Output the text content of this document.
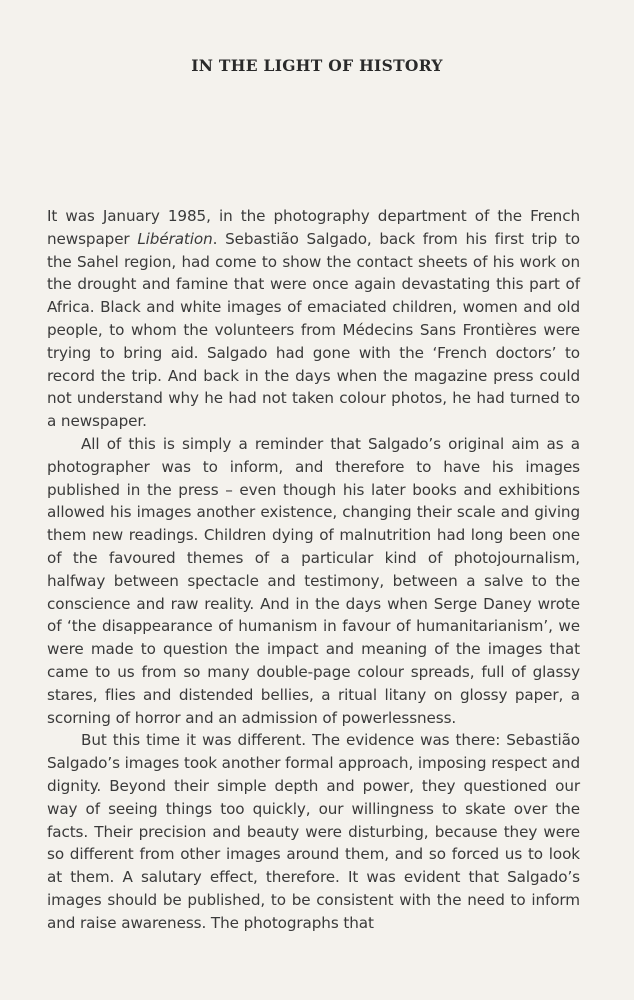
IN THE LIGHT OF HISTORY

It was January 1985, in the photography department of the French newspaper Libération. Sebastião Salgado, back from his first trip to the Sahel region, had come to show the contact sheets of his work on the drought and famine that were once again devastating this part of Africa. Black and white images of emaciated children, women and old people, to whom the volunteers from Médecins Sans Frontières were trying to bring aid. Salgado had gone with the ‘French doctors’ to record the trip. And back in the days when the magazine press could not understand why he had not taken colour photos, he had turned to a newspaper.

All of this is simply a reminder that Salgado’s original aim as a photographer was to inform, and therefore to have his images published in the press – even though his later books and exhibitions allowed his images another existence, changing their scale and giving them new readings. Children dying of malnutrition had long been one of the favoured themes of a particular kind of photojournalism, halfway between spectacle and testimony, between a salve to the conscience and raw reality. And in the days when Serge Daney wrote of ‘the disappearance of humanism in favour of humanitarianism’, we were made to question the impact and meaning of the images that came to us from so many double-page colour spreads, full of glassy stares, flies and distended bellies, a ritual litany on glossy paper, a scorning of horror and an admission of powerlessness.

But this time it was different. The evidence was there: Sebastião Salgado’s images took another formal approach, imposing respect and dignity. Beyond their simple depth and power, they questioned our way of seeing things too quickly, our willingness to skate over the facts. Their precision and beauty were disturbing, because they were so different from other images around them, and so forced us to look at them. A salutary effect, therefore. It was evident that Salgado’s images should be published, to be consistent with the need to inform and raise awareness. The photographs that
